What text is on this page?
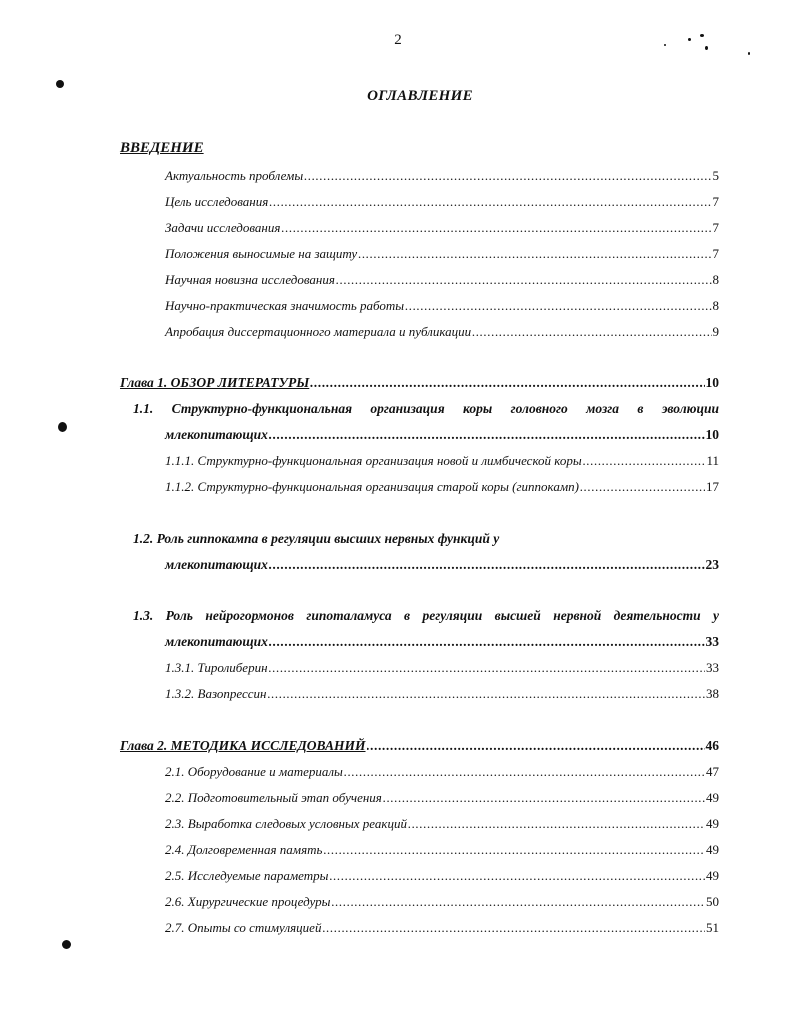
2
ОГЛАВЛЕНИЕ
ВВЕДЕНИЕ
Актуальность проблемы .....	5
Цель исследования .....	7
Задачи исследования .....	7
Положения выносимые на защиту .....	7
Научная новизна исследования .....	8
Научно-практическая значимость работы .....	8
Апробация диссертационного материала и публикации .....	9
Глава 1. ОБЗОР ЛИТЕРАТУРЫ .....	10
1.1. Структурно-функциональная организация коры головного мозга в эволюции
млекопитающих .....	10
1.1.1. Структурно-функциональная организация новой и лимбической коры .....	11
1.1.2. Структурно-функциональная организация старой коры (гиппокамп) .....	17
1.2. Роль гиппокампа в регуляции высших нервных функций у
млекопитающих .....	23
1.3. Роль нейрогормонов гипоталамуса в регуляции высшей нервной деятельности у
млекопитающих .....	33
1.3.1. Тиролиберин .....	33
1.3.2. Вазопрессин .....	38
Глава 2. МЕТОДИКА ИССЛЕДОВАНИЙ .....	46
2.1. Оборудование и материалы .....	47
2.2. Подготовительный этап обучения .....	49
2.3. Выработка следовых условных реакций .....	49
2.4. Долговременная память .....	49
2.5. Исследуемые параметры .....	49
2.6. Хирургические процедуры .....	50
2.7. Опыты со стимуляцией .....	51
